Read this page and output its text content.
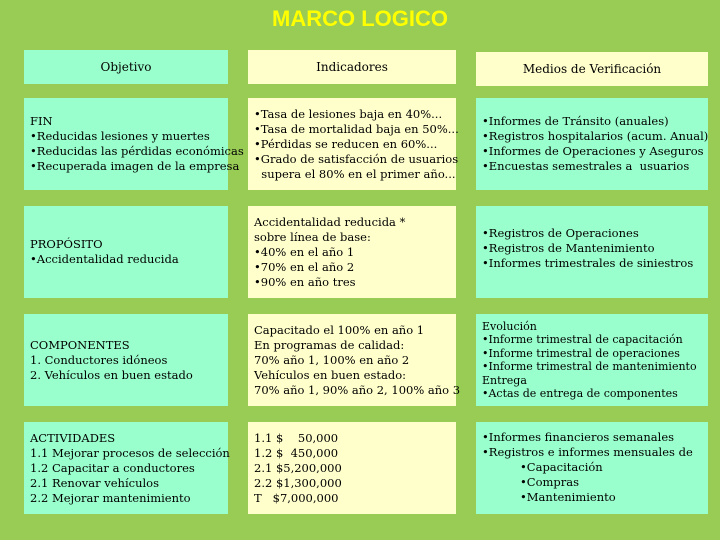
MARCO LOGICO
Objetivo	Indicadores	Medios de Verificación
FIN
•Reducidas lesiones y muertes
•Reducidas las pérdidas económicas
•Recuperada imagen de la empresa
•Tasa de lesiones baja en 40%...
•Tasa de mortalidad baja en 50%...
•Pérdidas se reducen en 60%...
•Grado de satisfacción de usuarios
supera el 80% en el primer año...
•Informes de Tránsito (anuales)
•Registros hospitalarios (acum. Anual)
•Informes de Operaciones y Aseguros
•Encuestas semestrales a  usuarios
PROPÓSITO
•Accidentalidad reducida
Accidentalidad reducida *
sobre línea de base:
•40% en el año 1
•70% en el año 2
•90% en año tres
•Registros de Operaciones
•Registros de Mantenimiento
•Informes trimestrales de siniestros
COMPONENTES
1. Conductores idóneos
2. Vehículos en buen estado
Capacitado el 100% en año 1
En programas de calidad:
70% año 1, 100% en año 2
Vehículos en buen estado:
70% año 1, 90% año 2, 100% año 3
Evolución
•Informe trimestral de capacitación
•Informe trimestral de operaciones
•Informe trimestral de mantenimiento
Entrega
•Actas de entrega de componentes
ACTIVIDADES
1.1 Mejorar procesos de selección
1.2 Capacitar a conductores
2.1 Renovar vehículos
2.2 Mejorar mantenimiento
1.1 $    50,000
1.2 $  450,000
2.1 $5,200,000
2.2 $1,300,000
T   $7,000,000
•Informes financieros semanales
•Registros e informes mensuales de
•Capacitación
•Compras
•Mantenimiento
